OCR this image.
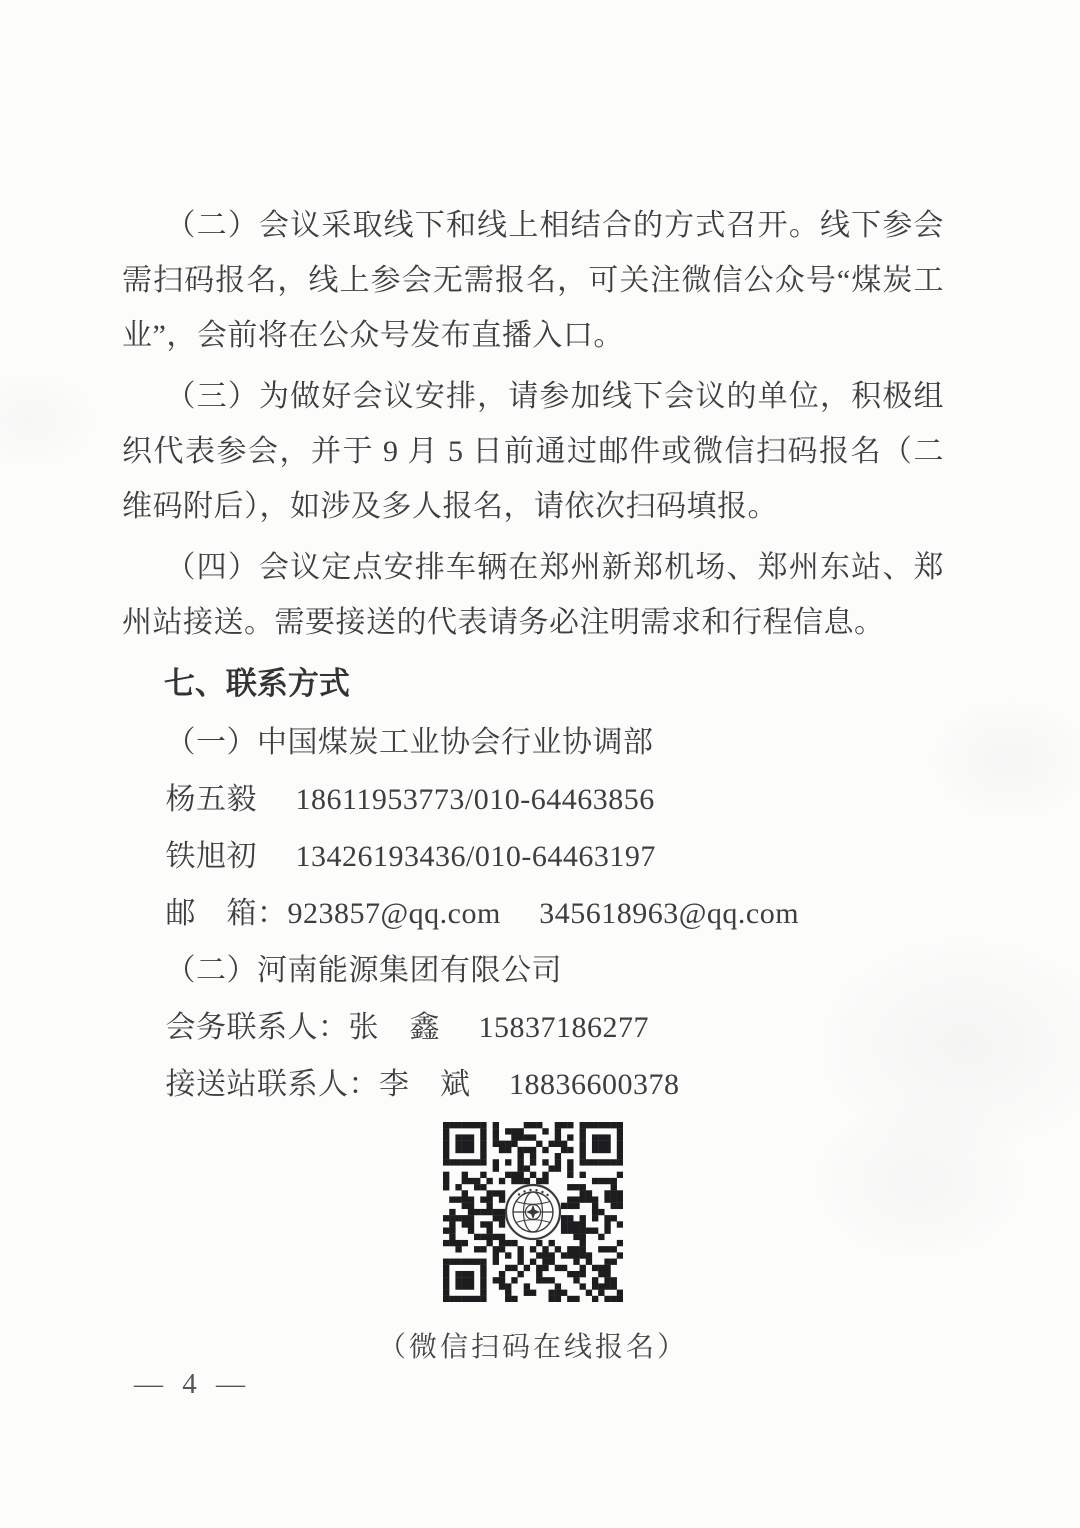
（二）会议采取线下和线上相结合的方式召开。线下参会需扫码报名，线上参会无需报名，可关注微信公众号“煤炭工业”，会前将在公众号发布直播入口。

（三）为做好会议安排，请参加线下会议的单位，积极组织代表参会，并于 9 月 5 日前通过邮件或微信扫码报名（二维码附后），如涉及多人报名，请依次扫码填报。

（四）会议定点安排车辆在郑州新郑机场、郑州东站、郑州站接送。需要接送的代表请务必注明需求和行程信息。

七、联系方式
（一）中国煤炭工业协会行业协调部
杨五毅　 18611953773/010-64463856
铁旭初　 13426193436/010-64463197
邮　箱：923857@qq.com　 345618963@qq.com
（二）河南能源集团有限公司
会务联系人：张　鑫　 15837186277
接送站联系人：李　斌　 18836600378
（微信扫码在线报名）
— 4 —
